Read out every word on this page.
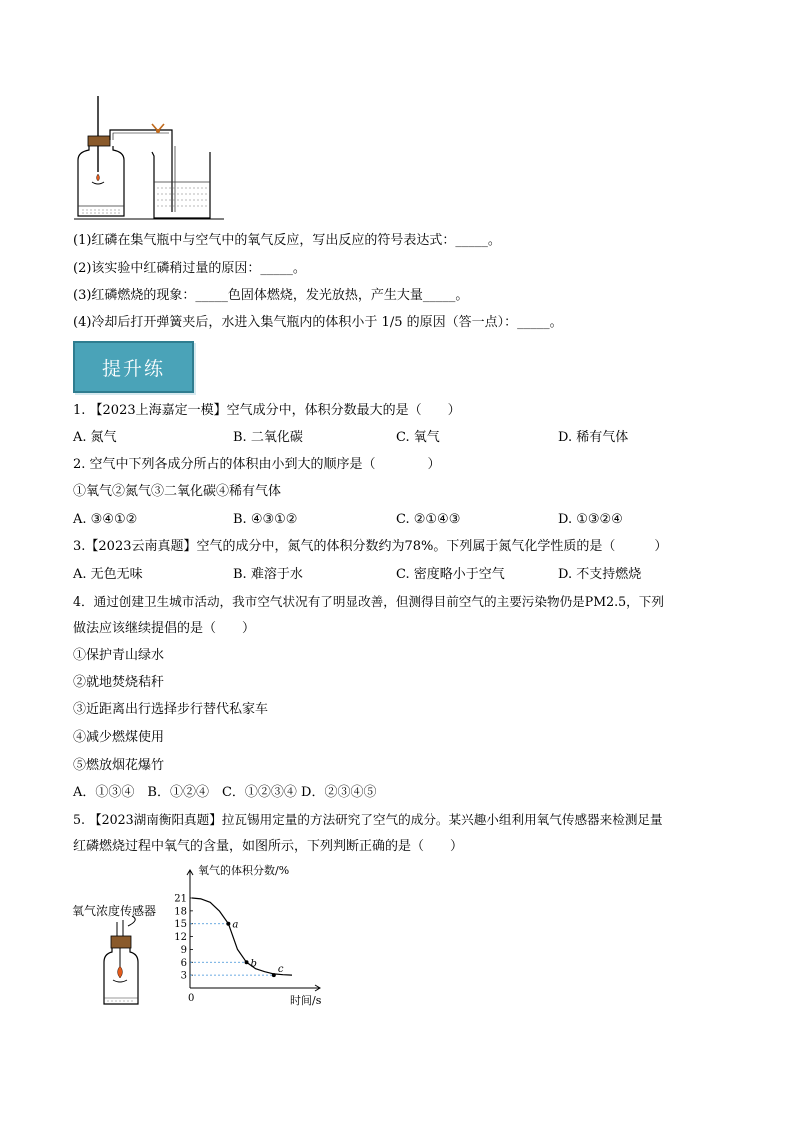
(1)红磷在集气瓶中与空气中的氧气反应，写出反应的符号表达式：_____。
(2)该实验中红磷稍过量的原因：_____。
(3)红磷燃烧的现象：_____色固体燃烧，发光放热，产生大量_____。
(4)冷却后打开弹簧夹后，水进入集气瓶内的体积小于 1/5 的原因（答一点）：_____。
提升练
1. 【2023上海嘉定一模】空气成分中，体积分数最大的是（　　）
A. 氮气	B. 二氧化碳	C. 氧气	D. 稀有气体
2. 空气中下列各成分所占的体积由小到大的顺序是（　　　　）
①氧气②氮气③二氧化碳④稀有气体
A. ③④①②	B. ④③①②	C. ②①④③	D. ①③②④
3.【2023云南真题】空气的成分中，氮气的体积分数约为78%。下列属于氮气化学性质的是（　　　）
A. 无色无味	B. 难溶于水	C. 密度略小于空气	D. 不支持燃烧
4．通过创建卫生城市活动，我市空气状况有了明显改善，但测得目前空气的主要污染物仍是PM2.5，下列
做法应该继续提倡的是（　　）
①保护青山绿水
②就地焚烧秸秆
③近距离出行选择步行替代私家车
④减少燃煤使用
⑤燃放烟花爆竹
A．①③④　B．①②④　C．①②③④ D．②③④⑤
5. 【2023湖南衡阳真题】拉瓦锡用定量的方法研究了空气的成分。某兴趣小组利用氧气传感器来检测足量
红磷燃烧过程中氧气的含量，如图所示，下列判断正确的是（　　）
氧气浓度传感器
氧气的体积分数/%
时间/s
0
3
6
9
12
15
18
21
a
b
c
